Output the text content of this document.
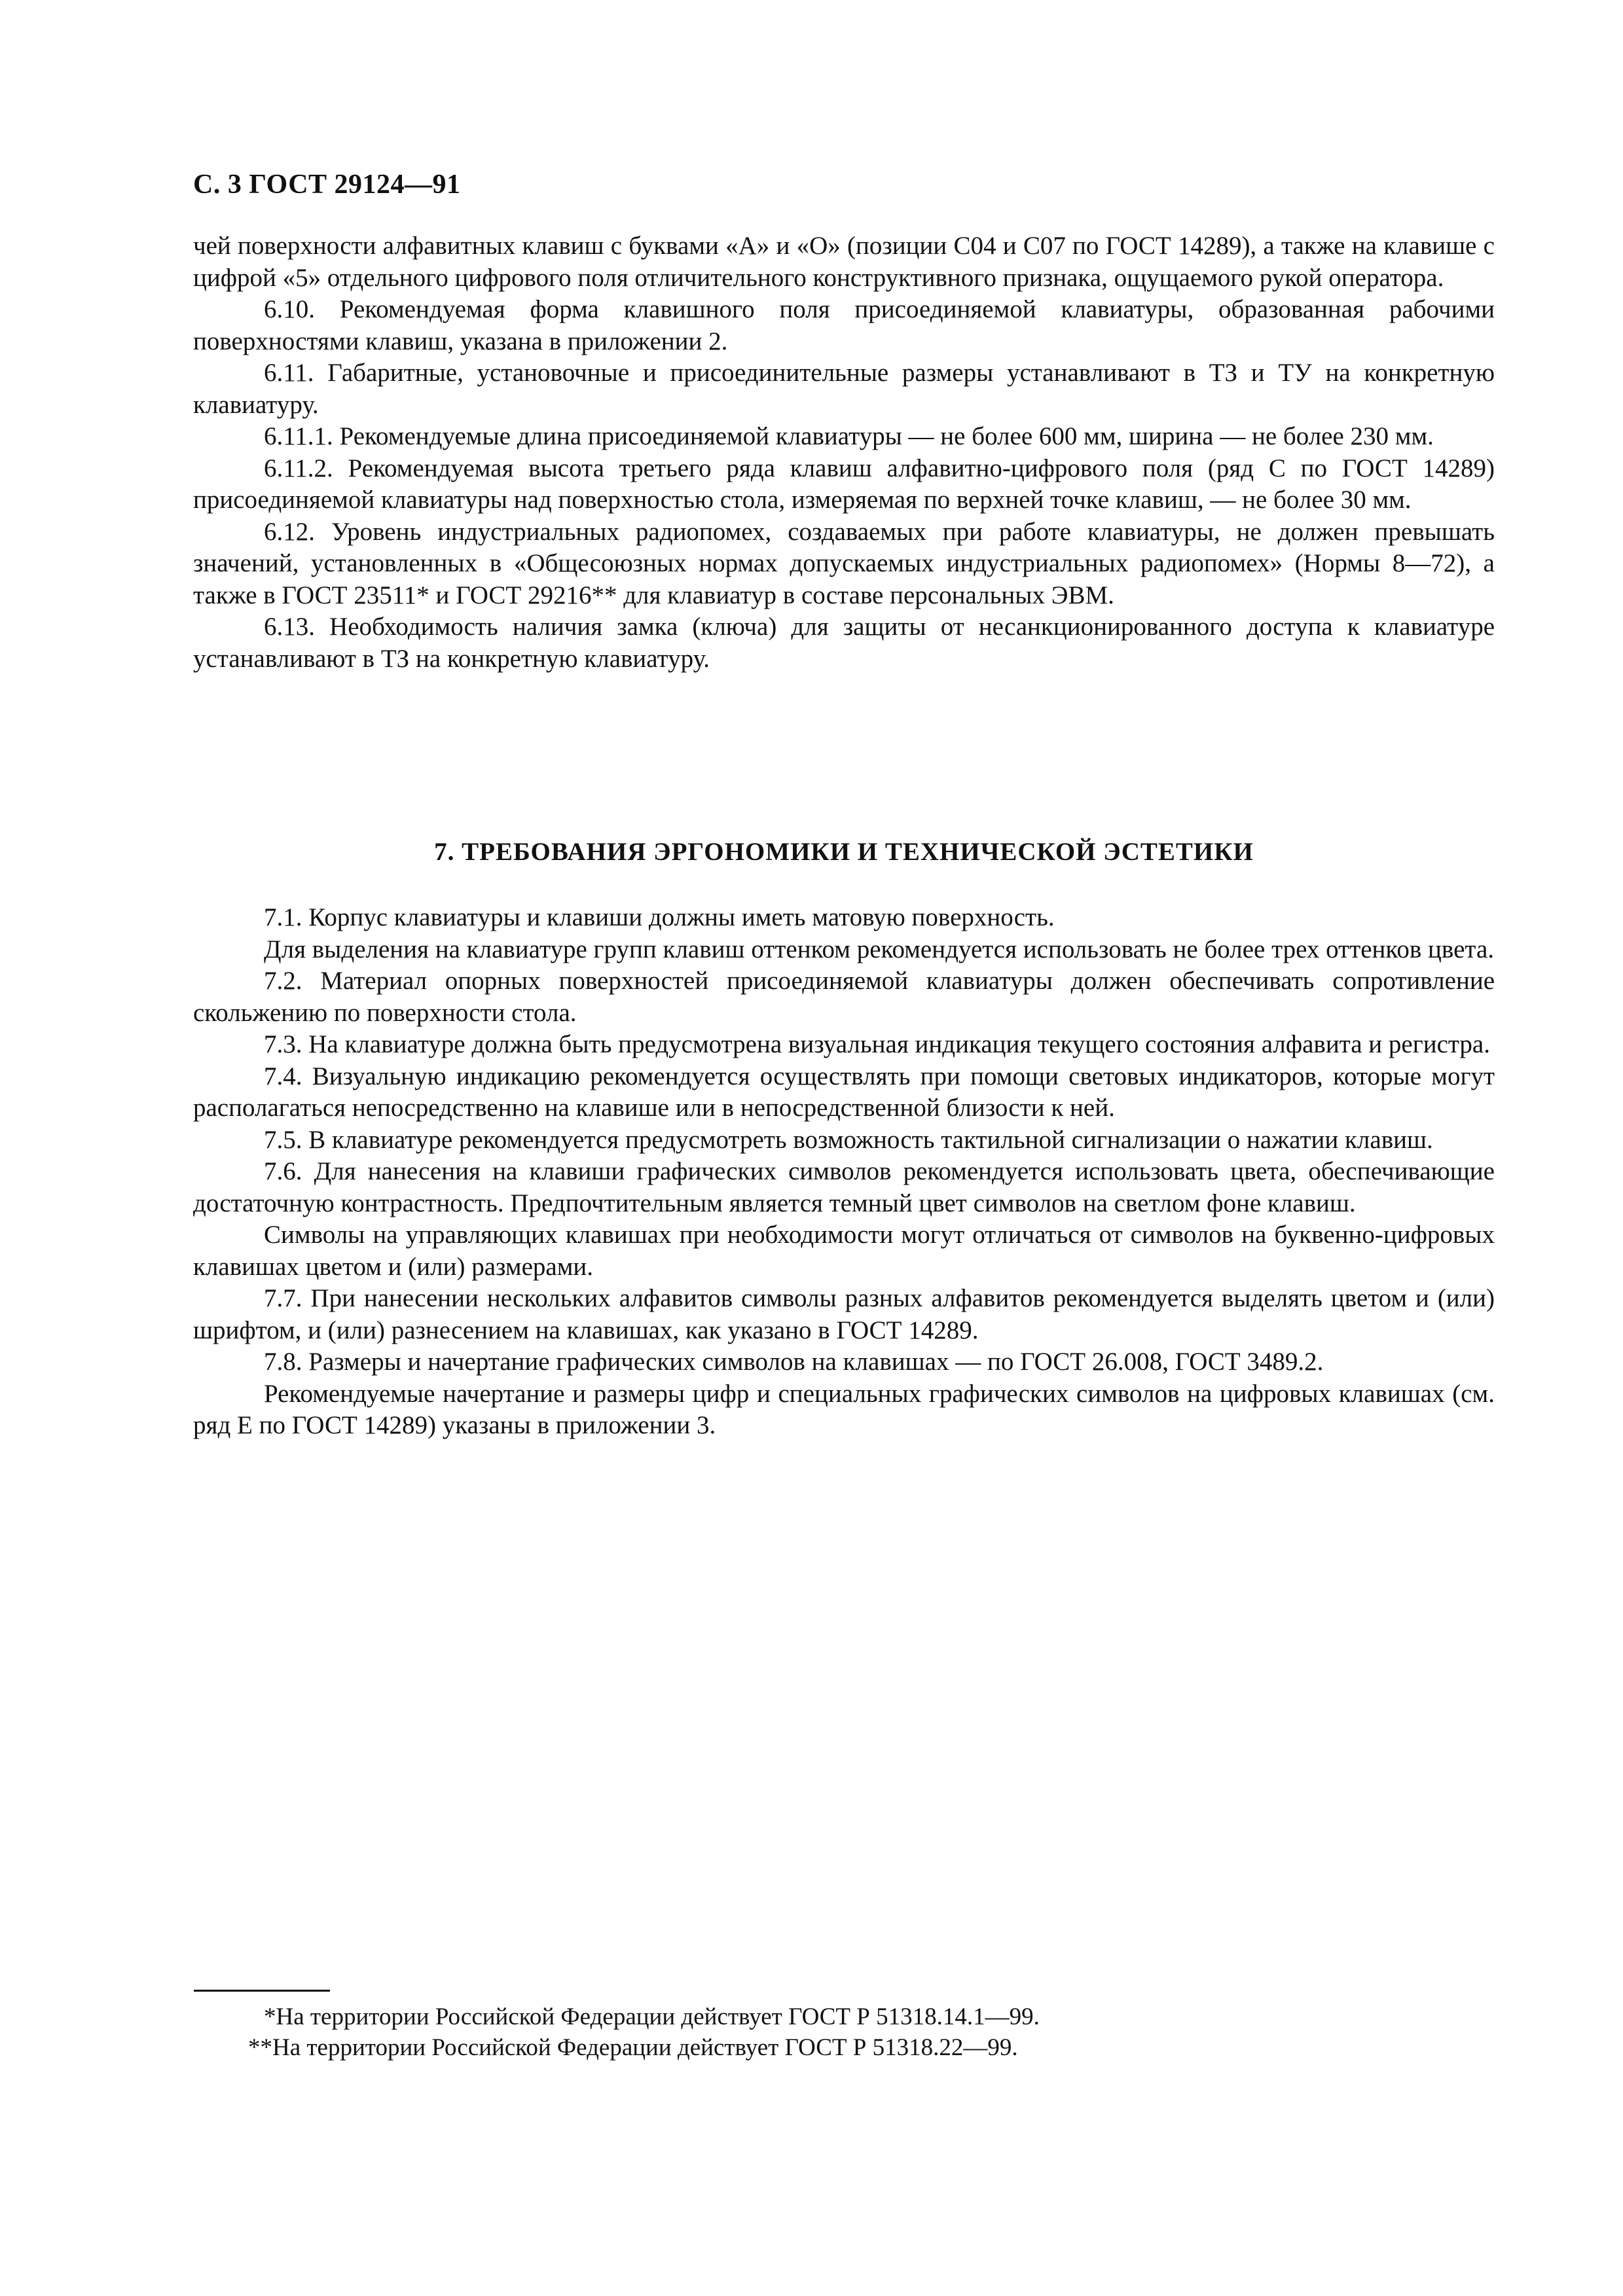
С. 3 ГОСТ 29124—91

чей поверхности алфавитных клавиш с буквами «А» и «О» (позиции С04 и С07 по ГОСТ 14289), а также на клавише с цифрой «5» отдельного цифрового поля отличительного конструктивного признака, ощущаемого рукой оператора.

6.10. Рекомендуемая форма клавишного поля присоединяемой клавиатуры, образованная рабочими поверхностями клавиш, указана в приложении 2.

6.11. Габаритные, установочные и присоединительные размеры устанавливают в ТЗ и ТУ на конкретную клавиатуру.

6.11.1. Рекомендуемые длина присоединяемой клавиатуры — не более 600 мм, ширина — не более 230 мм.

6.11.2. Рекомендуемая высота третьего ряда клавиш алфавитно-цифрового поля (ряд С по ГОСТ 14289) присоединяемой клавиатуры над поверхностью стола, измеряемая по верхней точке клавиш, — не более 30 мм.

6.12. Уровень индустриальных радиопомех, создаваемых при работе клавиатуры, не должен превышать значений, установленных в «Общесоюзных нормах допускаемых индустриальных радиопомех» (Нормы 8—72), а также в ГОСТ 23511* и ГОСТ 29216** для клавиатур в составе персональных ЭВМ.

6.13. Необходимость наличия замка (ключа) для защиты от несанкционированного доступа к клавиатуре устанавливают в ТЗ на конкретную клавиатуру.

7. ТРЕБОВАНИЯ ЭРГОНОМИКИ И ТЕХНИЧЕСКОЙ ЭСТЕТИКИ

7.1. Корпус клавиатуры и клавиши должны иметь матовую поверхность.

Для выделения на клавиатуре групп клавиш оттенком рекомендуется использовать не более трех оттенков цвета.

7.2. Материал опорных поверхностей присоединяемой клавиатуры должен обеспечивать сопротивление скольжению по поверхности стола.

7.3. На клавиатуре должна быть предусмотрена визуальная индикация текущего состояния алфавита и регистра.

7.4. Визуальную индикацию рекомендуется осуществлять при помощи световых индикаторов, которые могут располагаться непосредственно на клавише или в непосредственной близости к ней.

7.5. В клавиатуре рекомендуется предусмотреть возможность тактильной сигнализации о нажатии клавиш.

7.6. Для нанесения на клавиши графических символов рекомендуется использовать цвета, обеспечивающие достаточную контрастность. Предпочтительным является темный цвет символов на светлом фоне клавиш.

Символы на управляющих клавишах при необходимости могут отличаться от символов на буквенно-цифровых клавишах цветом и (или) размерами.

7.7. При нанесении нескольких алфавитов символы разных алфавитов рекомендуется выделять цветом и (или) шрифтом, и (или) разнесением на клавишах, как указано в ГОСТ 14289.

7.8. Размеры и начертание графических символов на клавишах — по ГОСТ 26.008, ГОСТ 3489.2.

Рекомендуемые начертание и размеры цифр и специальных графических символов на цифровых клавишах (см. ряд Е по ГОСТ 14289) указаны в приложении 3.

*На территории Российской Федерации действует ГОСТ Р 51318.14.1—99.

**На территории Российской Федерации действует ГОСТ Р 51318.22—99.
